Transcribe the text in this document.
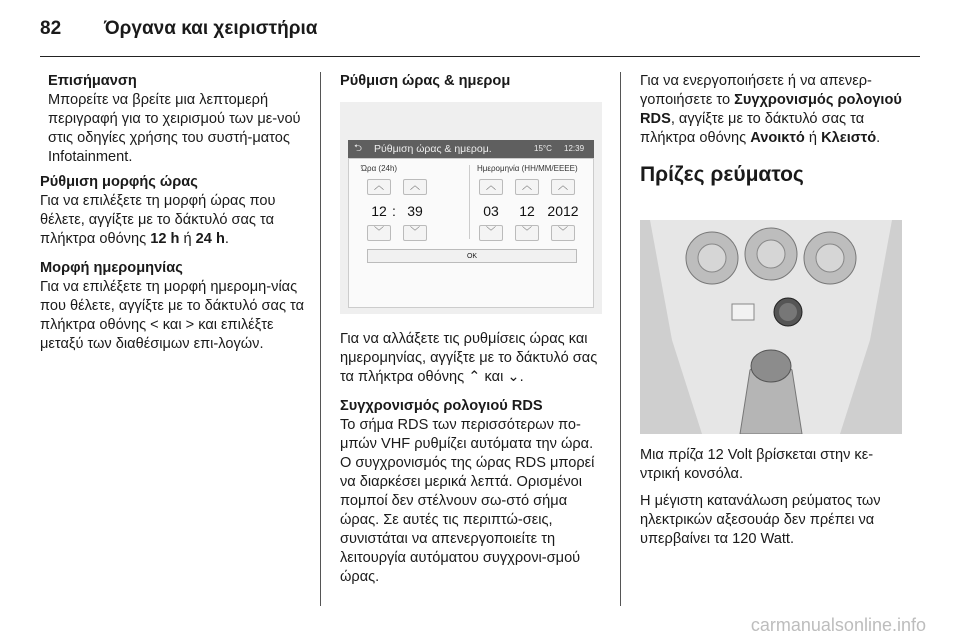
82 Όργανα και χειριστήρια

Επισήμανση
Μπορείτε να βρείτε μια λεπτομερή περιγραφή για το χειρισμού των με-νού στις οδηγίες χρήσης του συστή-ματος Infotainment.

Ρύθμιση μορφής ώρας
Για να επιλέξετε τη μορφή ώρας που θέλετε, αγγίξτε με το δάκτυλό σας τα πλήκτρα οθόνης 12 h ή 24 h.

Μορφή ημερομηνίας
Για να επιλέξετε τη μορφή ημερομη-νίας που θέλετε, αγγίξτε με το δάκτυλό σας τα πλήκτρα οθόνης < και > και επιλέξτε μεταξύ των διαθέσιμων επι-λογών.

Ρύθμιση ώρας & ημερομ

⮌ Ρύθμιση ώρας & ημερομ.	15°C 12:39
Ώρα (24h)	Ημερομηνία (HH/MM/EEEE)
︿	︿	︿	︿	︿
12 : 39	03	12 2012
﹀	﹀	﹀	﹀	﹀
OK

Για να αλλάξετε τις ρυθμίσεις ώρας και ημερομηνίας, αγγίξτε με το δάκτυλό σας τα πλήκτρα οθόνης ⌃ και ⌄.

Συγχρονισμός ρολογιού RDS
Το σήμα RDS των περισσότερων πο-μπών VHF ρυθμίζει αυτόματα την ώρα. Ο συγχρονισμός της ώρας RDS μπορεί να διαρκέσει μερικά λεπτά. Ορισμένοι πομποί δεν στέλνουν σω-στό σήμα ώρας. Σε αυτές τις περιπτώ-σεις, συνιστάται να απενεργοποιείτε τη λειτουργία αυτόματου συγχρονι-σμού ώρας.

Για να ενεργοποιήσετε ή να απενερ-γοποιήσετε το Συγχρονισμός ρολογιού RDS, αγγίξτε με το δάκτυλό σας τα πλήκτρα οθόνης Ανοικτό ή Κλειστό.

Πρίζες ρεύματος

Μια πρίζα 12 Volt βρίσκεται στην κε-ντρική κονσόλα.

Η μέγιστη κατανάλωση ρεύματος των ηλεκτρικών αξεσουάρ δεν πρέπει να υπερβαίνει τα 120 Watt.

carmanualsonline.info
